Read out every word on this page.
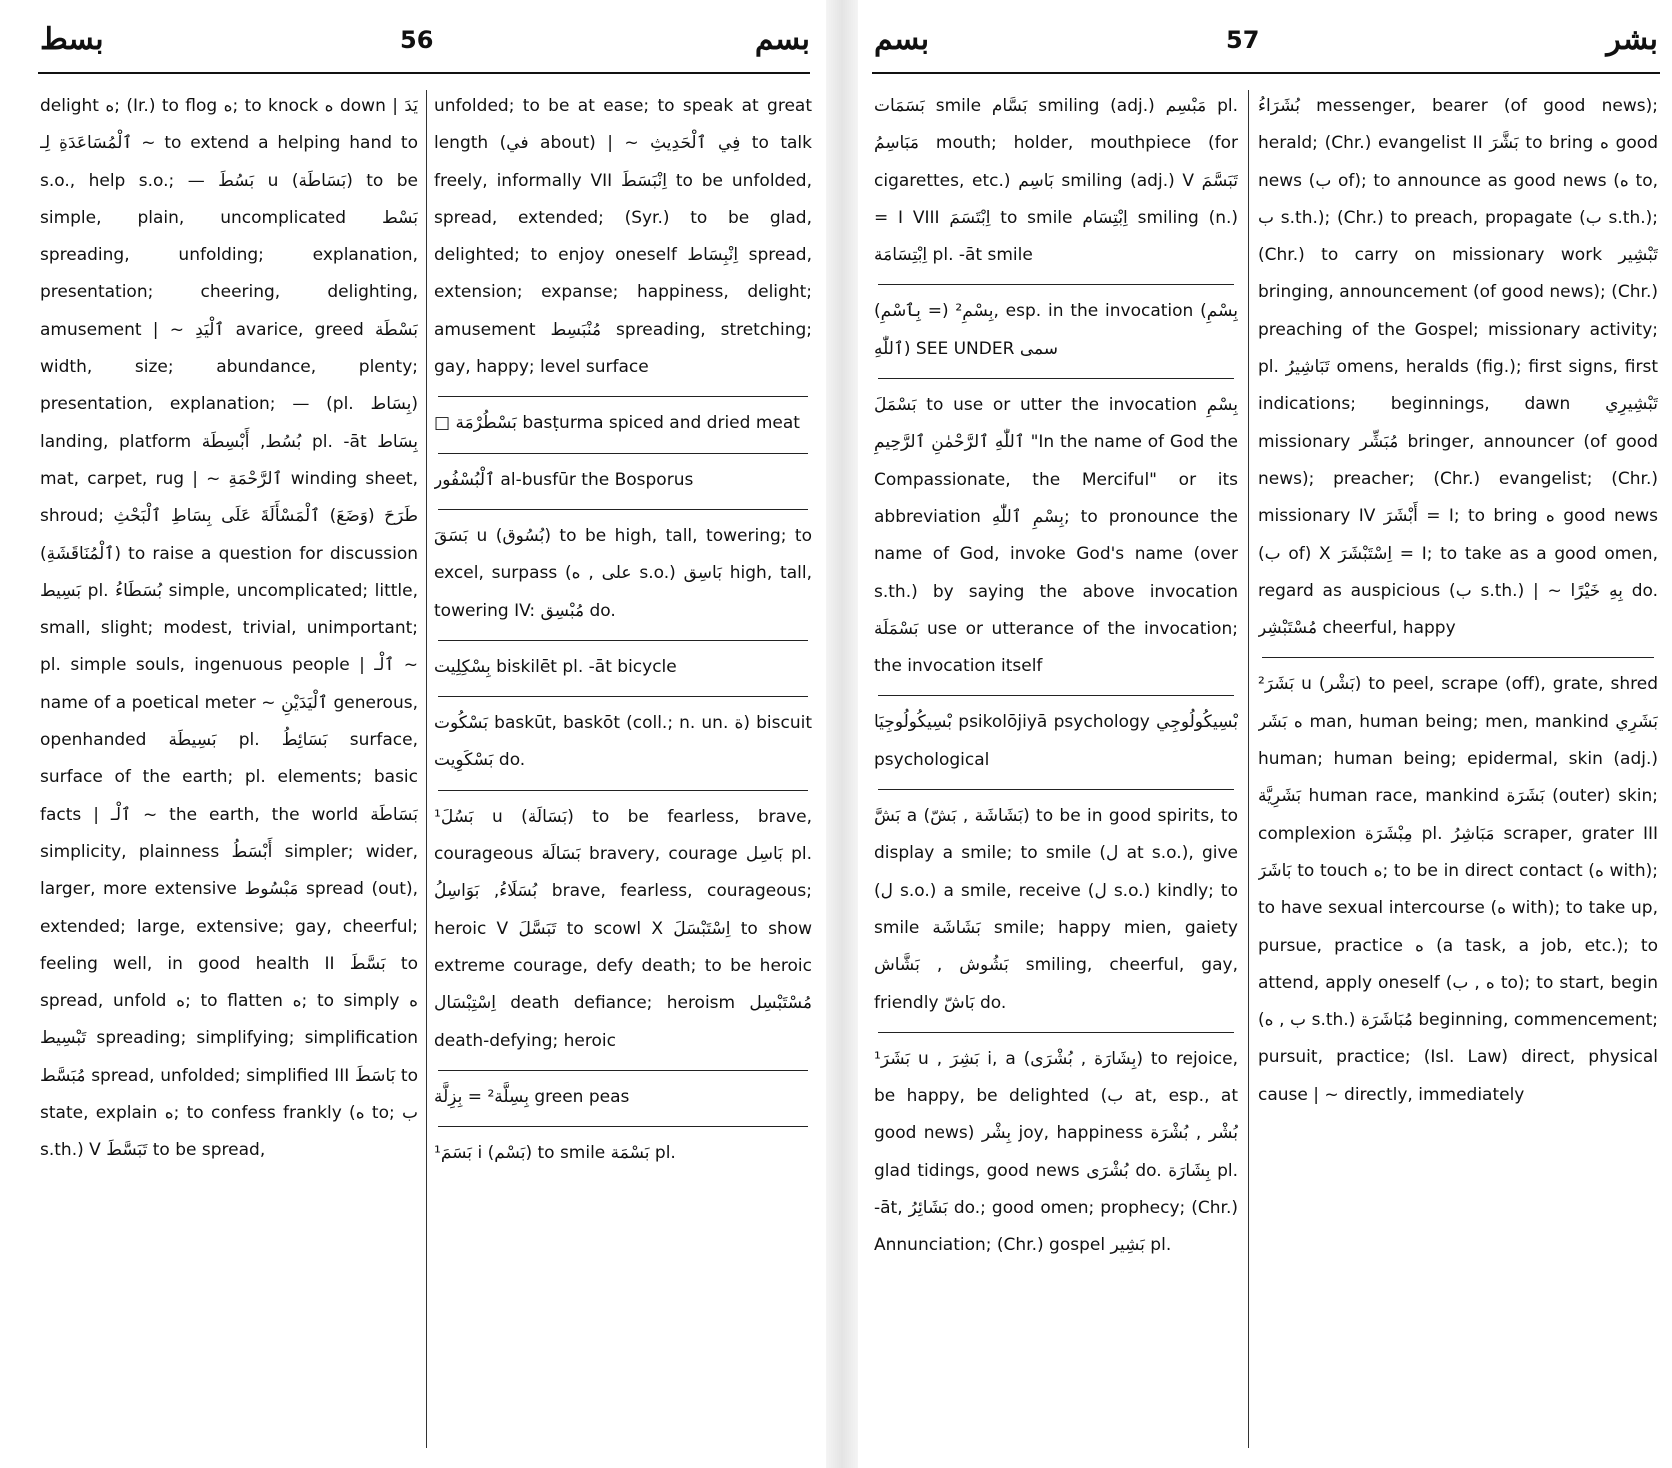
بسط	56	بسم

delight ه; (Ir.) to flog ه; to knock ه down | يَدَ ٱلْمُسَاعَدَةِ لِـ ~ to extend a helping hand to s.o., help s.o.; — بَسُطَ u (بَسَاطَة) to be simple, plain, uncomplicated بَسْط spreading, unfolding; explanation, presentation; cheering, delighting, amusement | ~ ٱلْيَدِ avarice, greed بَسْطَة width, size; abundance, plenty; presentation, explanation; — (pl. بِسَاط) landing, platform بُسُط, أَبْسِطَة pl. -āt بِسَاط mat, carpet, rug | ~ ٱلرَّحْمَةِ winding sheet, shroud; طَرَحَ (وَضَعَ) ٱلْمَسْأَلَةَ عَلَى بِسَاطِ ٱلْبَحْثِ (ٱلْمُنَاقَشَةِ) to raise a question for discussion بَسِيط pl. بُسَطَاءُ simple, uncomplicated; little, small, slight; modest, trivial, unimportant; pl. simple souls, ingenuous people | ٱلْـ ~ name of a poetical meter ~ ٱلْيَدَيْنِ generous, openhanded بَسِيطَة pl. بَسَائِطُ surface, surface of the earth; pl. elements; basic facts | ٱلْـ ~ the earth, the world بَسَاطَة simplicity, plainness أَبْسَطُ simpler; wider, larger, more extensive مَبْسُوط spread (out), extended; large, extensive; gay, cheerful; feeling well, in good health II بَسَّطَ to spread, unfold ه; to flatten ه; to simply ه تَبْسِيط spreading; simplifying; simplification مُبَسَّط spread, unfolded; simplified III بَاسَطَ to state, explain ه; to confess frankly (ه to; ب s.th.) V تَبَسَّطَ to be spread,

unfolded; to be at ease; to speak at great length (في about) | ~ فِي ٱلْحَدِيثِ to talk freely, informally VII اِنْبَسَطَ to be unfolded, spread, extended; (Syr.) to be glad, delighted; to enjoy oneself اِنْبِسَاط spread, extension; expanse; happiness, delight; amusement مُنْبَسِط spreading, stretching; gay, happy; level surface

□ بَسْطُرْمَة basṭurma spiced and dried meat

ٱلْبُسْفُور al-busfūr the Bosporus

بَسَقَ u (بُسُوق) to be high, tall, towering; to excel, surpass (على , ه s.o.) بَاسِق high, tall, towering IV: مُبْسِق do.

بِسْكِلِيت biskilēt pl. -āt bicycle

بَسْكُوت baskūt, baskōt (coll.; n. un. ة) biscuit بَسْكَوِيت do.

بَسُلَ¹ u (بَسَالَة) to be fearless, brave, courageous بَسَالَة bravery, courage بَاسِل pl. بُسَلَاءُ, بَوَاسِلُ brave, fearless, courageous; heroic V تَبَسَّلَ to scowl X اِسْتَبْسَلَ to show extreme courage, defy death; to be heroic اِسْتِبْسَال death defiance; heroism مُسْتَبْسِل death-defying; heroic

بِسِلَّة² = بِزِلَّة green peas

بَسَمَ¹ i (بَسْم) to smile بَسْمَة pl.

بسم	57	بشر

بَسَمَات smile بَسَّام smiling (adj.) مَبْسِم pl. مَبَاسِمُ mouth; holder, mouthpiece (for cigarettes, etc.) بَاسِم smiling (adj.) V تَبَسَّمَ = I VIII اِبْتَسَمَ to smile اِبْتِسَام smiling (n.) اِبْتِسَامَة pl. -āt smile

بِسْمِ² (= بِٱسْمِ), esp. in the invocation (بِسْمِ ٱللّٰهِ) SEE UNDER سمى

بَسْمَلَ to use or utter the invocation بِسْمِ ٱللّٰهِ ٱلرَّحْمٰنِ ٱلرَّحِيمِ "In the name of God the Compassionate, the Merciful" or its abbreviation بِسْمِ ٱللّٰهِ; to pronounce the name of God, invoke God's name (over s.th.) by saying the above invocation بَسْمَلَة use or utterance of the invocation; the invocation itself

بْسِيكُولُوجِيَا psikolōjiyā psychology بْسِيكُولُوجِي psychological

بَشَّ a (بَشَاشَة , بَشّ) to be in good spirits, to display a smile; to smile (ل at s.o.), give (ل s.o.) a smile, receive (ل s.o.) kindly; to smile بَشَاشَة smile; happy mien, gaiety بَشُوش , بَشَّاش smiling, cheerful, gay, friendly بَاشّ do.

بَشَرَ¹ u , بَشِرَ i, a (بِشَارَة , بُشْرَى) to rejoice, be happy, be delighted (ب at, esp., at good news) بِشْر joy, happiness بُشْر , بُشْرَة glad tidings, good news بُشْرَى do. بِشَارَة pl. -āt, بَشَائِرُ do.; good omen; prophecy; (Chr.) Annunciation; (Chr.) gospel بَشِير pl.

بُشَرَاءُ messenger, bearer (of good news); herald; (Chr.) evangelist II بَشَّرَ to bring ه good news (ب of); to announce as good news (ه to, ب s.th.); (Chr.) to preach, propagate (ب s.th.); (Chr.) to carry on missionary work تَبْشِير bringing, announcement (of good news); (Chr.) preaching of the Gospel; missionary activity; pl. تَبَاشِيرُ omens, heralds (fig.); first signs, first indications; beginnings, dawn تَبْشِيرِي missionary مُبَشِّر bringer, announcer (of good news); preacher; (Chr.) evangelist; (Chr.) missionary IV أَبْشَرَ = I; to bring ه good news (ب of) X اِسْتَبْشَرَ = I; to take as a good omen, regard as auspicious (ب s.th.) | ~ بِهِ خَيْرًا do. مُسْتَبْشِر cheerful, happy

بَشَرَ² u (بَشْر) to peel, scrape (off), grate, shred ه بَشَر man, human being; men, mankind بَشَرِي human; human being; epidermal, skin (adj.) بَشَرِيَّة human race, mankind بَشَرَة (outer) skin; complexion مِبْشَرَة pl. مَبَاشِرُ scraper, grater III بَاشَرَ to touch ه; to be in direct contact (ه with); to have sexual intercourse (ه with); to take up, pursue, practice ه (a task, a job, etc.); to attend, apply oneself (ه , ب to); to start, begin (ب , ه s.th.) مُبَاشَرَة beginning, commencement; pursuit, practice; (Isl. Law) direct, physical cause | ~ directly, immediately
